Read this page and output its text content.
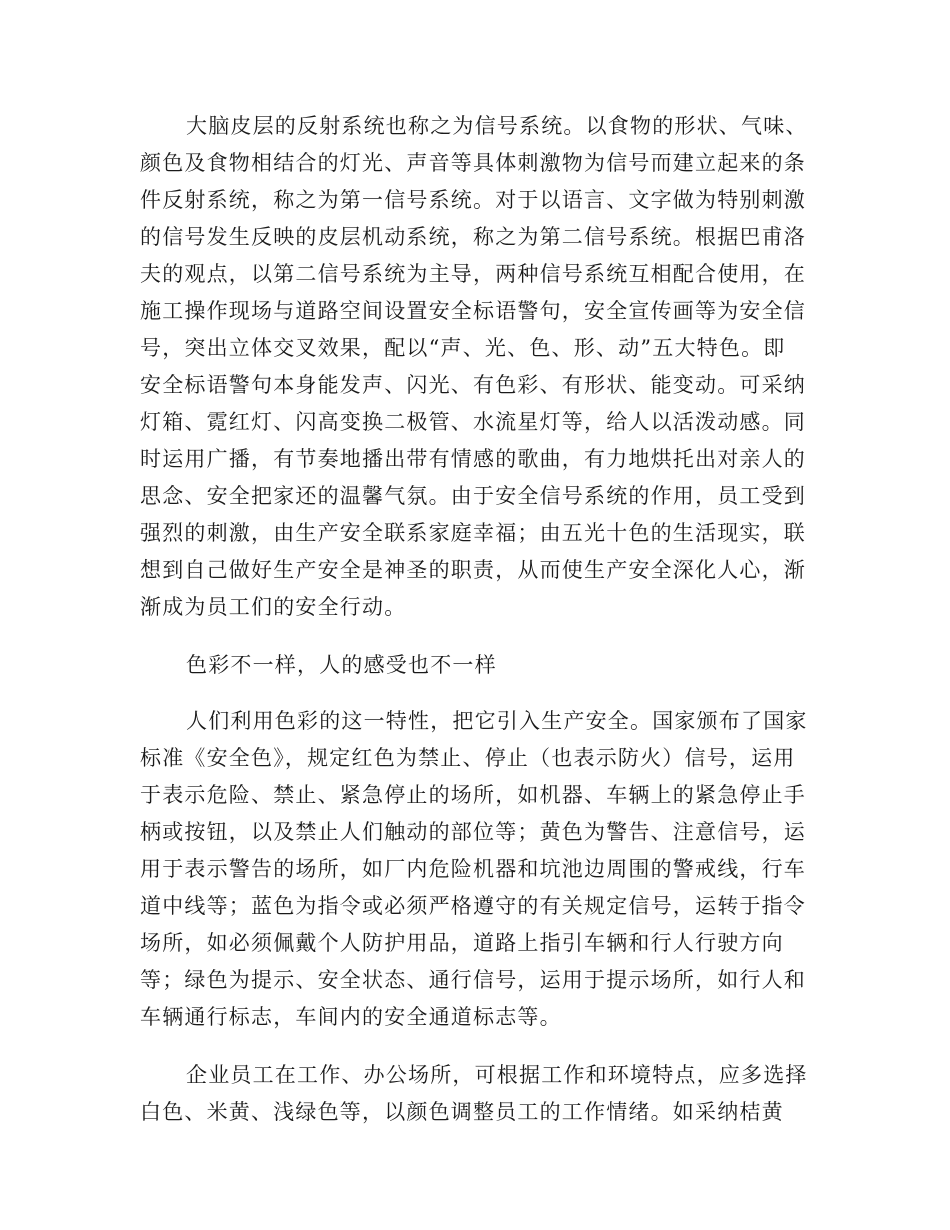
大脑皮层的反射系统也称之为信号系统。以食物的形状、气味、
颜色及食物相结合的灯光、声音等具体刺激物为信号而建立起来的条
件反射系统，称之为第一信号系统。对于以语言、文字做为特别刺激
的信号发生反映的皮层机动系统，称之为第二信号系统。根据巴甫洛
夫的观点，以第二信号系统为主导，两种信号系统互相配合使用，在
施工操作现场与道路空间设置安全标语警句，安全宣传画等为安全信
号，突出立体交叉效果，配以“声、光、色、形、动”五大特色。即
安全标语警句本身能发声、闪光、有色彩、有形状、能变动。可采纳
灯箱、霓红灯、闪高变换二极管、水流星灯等，给人以活泼动感。同
时运用广播，有节奏地播出带有情感的歌曲，有力地烘托出对亲人的
思念、安全把家还的温馨气氛。由于安全信号系统的作用，员工受到
强烈的刺激，由生产安全联系家庭幸福；由五光十色的生活现实，联
想到自己做好生产安全是神圣的职责，从而使生产安全深化人心，渐
渐成为员工们的安全行动。
色彩不一样，人的感受也不一样
人们利用色彩的这一特性，把它引入生产安全。国家颁布了国家
标准《安全色》，规定红色为禁止、停止（也表示防火）信号，运用
于表示危险、禁止、紧急停止的场所，如机器、车辆上的紧急停止手
柄或按钮，以及禁止人们触动的部位等；黄色为警告、注意信号，运
用于表示警告的场所，如厂内危险机器和坑池边周围的警戒线，行车
道中线等；蓝色为指令或必须严格遵守的有关规定信号，运转于指令
场所，如必须佩戴个人防护用品，道路上指引车辆和行人行驶方向
等；绿色为提示、安全状态、通行信号，运用于提示场所，如行人和
车辆通行标志，车间内的安全通道标志等。
企业员工在工作、办公场所，可根据工作和环境特点，应多选择
白色、米黄、浅绿色等，以颜色调整员工的工作情绪。如采纳桔黄
